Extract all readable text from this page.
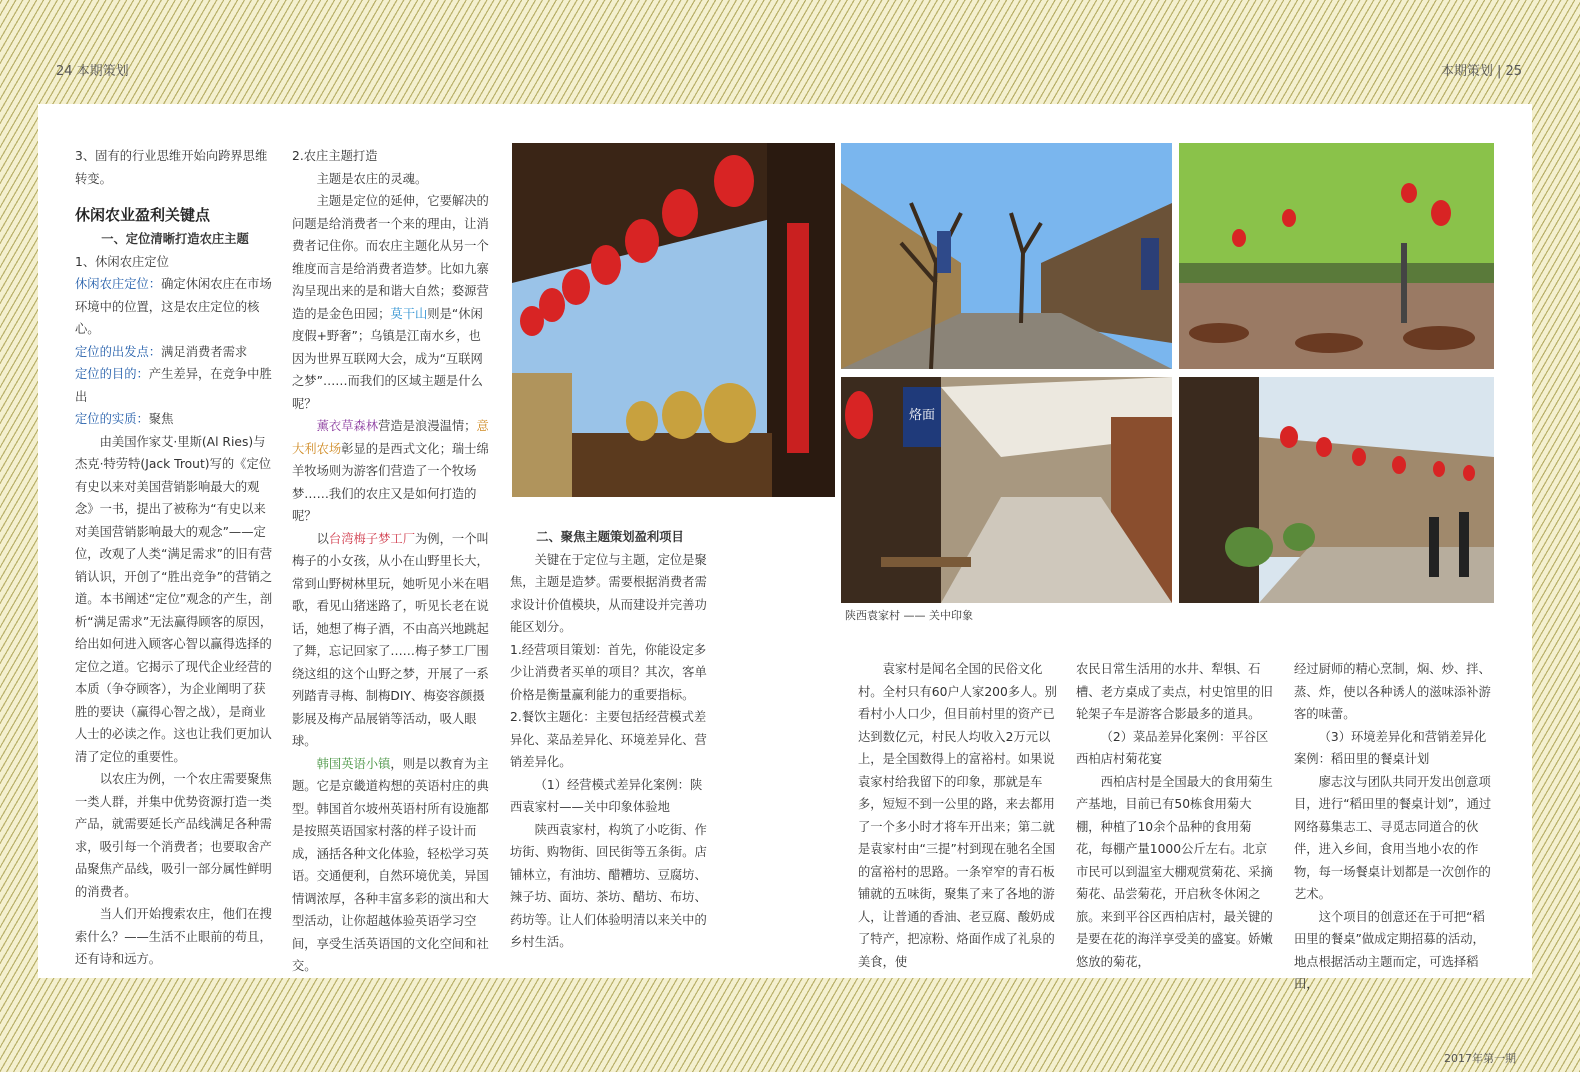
24 本期策划	本期策划 | 25

3、固有的行业思维开始向跨界思维转变。

休闲农业盈利关键点

一、定位清晰打造农庄主题

1、休闲农庄定位

休闲农庄定位：确定休闲农庄在市场环境中的位置，这是农庄定位的核心。

定位的出发点：满足消费者需求

定位的目的：产生差异，在竞争中胜出

定位的实质：聚焦

由美国作家艾·里斯(Al Ries)与杰克·特劳特(Jack Trout)写的《定位有史以来对美国营销影响最大的观念》一书，提出了被称为“有史以来对美国营销影响最大的观念”——定位，改观了人类“满足需求”的旧有营销认识，开创了“胜出竞争”的营销之道。本书阐述“定位”观念的产生，剖析“满足需求”无法赢得顾客的原因，给出如何进入顾客心智以赢得选择的定位之道。它揭示了现代企业经营的本质（争夺顾客），为企业阐明了获胜的要诀（赢得心智之战），是商业人士的必读之作。这也让我们更加认清了定位的重要性。

以农庄为例，一个农庄需要聚焦一类人群，并集中优势资源打造一类产品，就需要延长产品线满足各种需求，吸引每一个消费者；也要取舍产品聚焦产品线，吸引一部分属性鲜明的消费者。

当人们开始搜索农庄，他们在搜索什么？——生活不止眼前的苟且，还有诗和远方。

2.农庄主题打造

主题是农庄的灵魂。

主题是定位的延伸，它要解决的问题是给消费者一个来的理由，让消费者记住你。而农庄主题化从另一个维度而言是给消费者造梦。比如九寨沟呈现出来的是和谐大自然；婺源营造的是金色田园；莫干山则是“休闲度假+野奢”；乌镇是江南水乡，也因为世界互联网大会，成为“互联网之梦”……而我们的区域主题是什么呢？

薰衣草森林营造是浪漫温情；意大利农场彰显的是西式文化；瑞士绵羊牧场则为游客们营造了一个牧场梦……我们的农庄又是如何打造的呢？

以台湾梅子梦工厂为例，一个叫梅子的小女孩，从小在山野里长大，常到山野树林里玩，她听见小米在唱歌，看见山猪迷路了，听见长老在说话，她想了梅子酒，不由高兴地跳起了舞，忘记回家了……梅子梦工厂围绕这组的这个山野之梦，开展了一系列踏青寻梅、制梅DIY、梅姿容颜摄影展及梅产品展销等活动，吸人眼球。

韩国英语小镇，则是以教育为主题。它是京畿道构想的英语村庄的典型。韩国首尔坡州英语村所有设施都是按照英语国家村落的样子设计而成，涵括各种文化体验，轻松学习英语。交通便利，自然环境优美，异国情调浓厚，各种丰富多彩的演出和大型活动，让你超越体验英语学习空间，享受生活英语国的文化空间和社交。

二、聚焦主题策划盈利项目

关键在于定位与主题，定位是聚焦，主题是造梦。需要根据消费者需求设计价值模块，从而建设并完善功能区划分。

1.经营项目策划：首先，你能设定多少让消费者买单的项目？其次，客单价格是衡量赢利能力的重要指标。

2.餐饮主题化：主要包括经营模式差异化、菜品差异化、环境差异化、营销差异化。

（1）经营模式差异化案例：陕西袁家村——关中印象体验地

陕西袁家村，构筑了小吃街、作坊街、购物街、回民街等五条街。店铺林立，有油坊、醋糟坊、豆腐坊、辣子坊、面坊、茶坊、醋坊、布坊、药坊等。让人们体验明清以来关中的乡村生活。

袁家村是闻名全国的民俗文化村。全村只有60户人家200多人。别看村小人口少，但目前村里的资产已达到数亿元，村民人均收入2万元以上，是全国数得上的富裕村。如果说袁家村给我留下的印象，那就是车多，短短不到一公里的路，来去都用了一个多小时才将车开出来；第二就是袁家村由“三提”村到现在驰名全国的富裕村的思路。一条窄窄的青石板铺就的五味街，聚集了来了各地的游人，让普通的香油、老豆腐、酸奶成了特产，把凉粉、烙面作成了礼泉的美食，使

农民日常生活用的水井、犁犋、石槽、老方桌成了卖点，村史馆里的旧轮架子车是游客合影最多的道具。

（2）菜品差异化案例：平谷区西柏店村菊花宴

西柏店村是全国最大的食用菊生产基地，目前已有50栋食用菊大棚，种植了10余个品种的食用菊花，每棚产量1000公斤左右。北京市民可以到温室大棚观赏菊花、采摘菊花、品尝菊花，开启秋冬休闲之旅。来到平谷区西柏店村，最关键的是要在花的海洋享受美的盛宴。娇嫩悠放的菊花，

经过厨师的精心烹制，焖、炒、拌、蒸、炸，使以各种诱人的滋味添补游客的味蕾。

（3）环境差异化和营销差异化案例：稻田里的餐桌计划

廖志汶与团队共同开发出创意项目，进行“稻田里的餐桌计划”，通过网络募集志工、寻觅志同道合的伙伴，进入乡间，食用当地小农的作物，每一场餐桌计划都是一次创作的艺术。

这个项目的创意还在于可把“稻田里的餐桌”做成定期招募的活动，地点根据活动主题而定，可选择稻田，

烙面
陕西袁家村 —— 关中印象
2017年第一期
